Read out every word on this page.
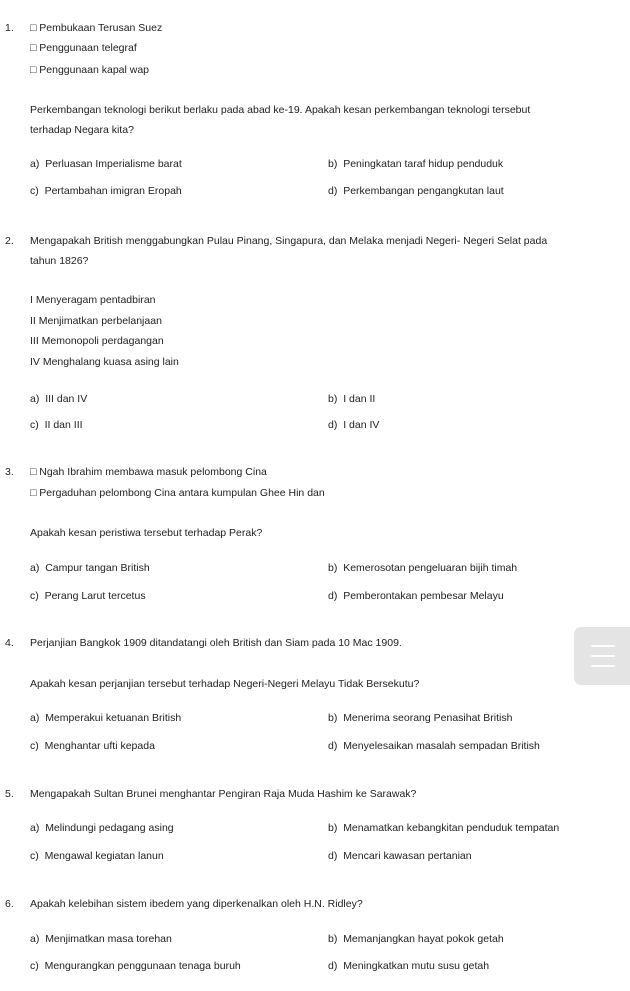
1. □ Pembukaan Terusan Suez
□ Penggunaan telegraf
□ Penggunaan kapal wap
Perkembangan teknologi berikut berlaku pada abad ke-19. Apakah kesan perkembangan teknologi tersebut
terhadap Negara kita?
a) Perluasan Imperialisme barat	b) Peningkatan taraf hidup penduduk
c) Pertambahan imigran Eropah	d) Perkembangan pengangkutan laut
2. Mengapakah British menggabungkan Pulau Pinang, Singapura, dan Melaka menjadi Negeri- Negeri Selat pada
tahun 1826?
I Menyeragam pentadbiran
II Menjimatkan perbelanjaan
III Memonopoli perdagangan
IV Menghalang kuasa asing lain
a) III dan IV	b) I dan II
c) II dan III	d) I dan IV
3. □ Ngah Ibrahim membawa masuk pelombong Cina
□ Pergaduhan pelombong Cina antara kumpulan Ghee Hin dan
Apakah kesan peristiwa tersebut terhadap Perak?
a) Campur tangan British	b) Kemerosotan pengeluaran bijih timah
c) Perang Larut tercetus	d) Pemberontakan pembesar Melayu
4. Perjanjian Bangkok 1909 ditandatangi oleh British dan Siam pada 10 Mac 1909.
Apakah kesan perjanjian tersebut terhadap Negeri-Negeri Melayu Tidak Bersekutu?
a) Memperakui ketuanan British	b) Menerima seorang Penasihat British
c) Menghantar ufti kepada	d) Menyelesaikan masalah sempadan British
5. Mengapakah Sultan Brunei menghantar Pengiran Raja Muda Hashim ke Sarawak?
a) Melindungi pedagang asing	b) Menamatkan kebangkitan penduduk tempatan
c) Mengawal kegiatan lanun	d) Mencari kawasan pertanian
6. Apakah kelebihan sistem ibedem yang diperkenalkan oleh H.N. Ridley?
a) Menjimatkan masa torehan	b) Memanjangkan hayat pokok getah
c) Mengurangkan penggunaan tenaga buruh	d) Meningkatkan mutu susu getah
